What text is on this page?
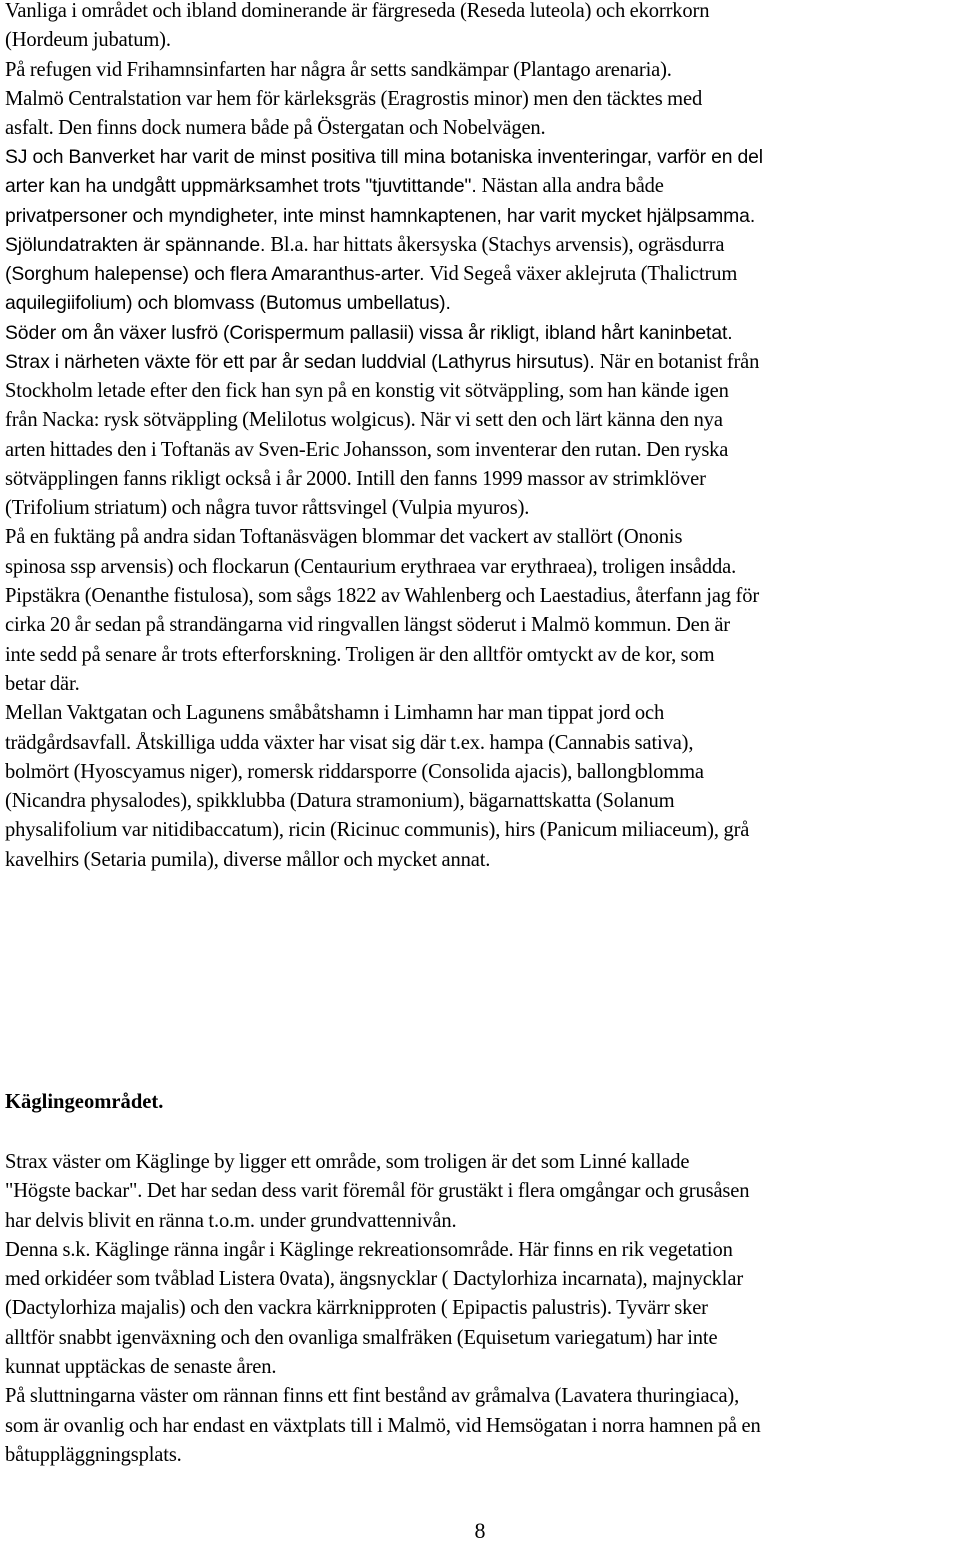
Vanliga i området och ibland dominerande är färgreseda (Reseda luteola) och ekorrkorn
(Hordeum jubatum).
På refugen vid Frihamnsinfarten har några år setts sandkämpar (Plantago arenaria).
Malmö Centralstation var hem för kärleksgräs (Eragrostis minor) men den täcktes med
asfalt. Den finns dock numera både på Östergatan och Nobelvägen.
SJ och Banverket har varit de minst positiva till mina botaniska inventeringar, varför en del
arter kan ha undgått uppmärksamhet trots "tjuvtittande". Nästan alla andra både
privatpersoner och myndigheter, inte minst hamnkaptenen, har varit mycket hjälpsamma.
Sjölundatrakten är spännande. Bl.a. har hittats åkersyska (Stachys arvensis), ogräsdurra
(Sorghum halepense) och flera Amaranthus-arter. Vid Segeå växer aklejruta (Thalictrum
aquilegiifolium) och blomvass (Butomus umbellatus).
Söder om ån växer lusfrö (Corispermum pallasii) vissa år rikligt, ibland hårt kaninbetat.
Strax i närheten växte för ett par år sedan luddvial (Lathyrus hirsutus). När en botanist från
Stockholm letade efter den fick han syn på en konstig vit sötväppling, som han kände igen
från Nacka: rysk sötväppling (Melilotus wolgicus). När vi sett den och lärt känna den nya
arten hittades den i Toftanäs av Sven-Eric Johansson, som inventerar den rutan. Den ryska
sötväpplingen fanns rikligt också i år 2000. Intill den fanns 1999 massor av strimklöver
(Trifolium striatum) och några tuvor råttsvingel (Vulpia myuros).
På en fuktäng på andra sidan Toftanäsvägen blommar det vackert av stallört (Ononis
spinosa ssp arvensis) och flockarun (Centaurium erythraea var erythraea), troligen insådda.
Pipstäkra (Oenanthe fistulosa), som sågs 1822 av Wahlenberg och Laestadius, återfann jag för
cirka 20 år sedan på strandängarna vid ringvallen längst söderut i Malmö kommun. Den är
inte sedd på senare år trots efterforskning. Troligen är den alltför omtyckt av de kor, som
betar där.
Mellan Vaktgatan och Lagunens småbåtshamn i Limhamn har man tippat jord och
trädgårdsavfall. Åtskilliga udda växter har visat sig där t.ex. hampa (Cannabis sativa),
bolmört (Hyoscyamus niger), romersk riddarsporre (Consolida ajacis), ballongblomma
(Nicandra physalodes), spikklubba (Datura stramonium), bägarnattskatta (Solanum
physalifolium var nitidibaccatum), ricin (Ricinuc communis), hirs (Panicum miliaceum), grå
kavelhirs (Setaria pumila), diverse mållor och mycket annat.
Käglingeområdet.
Strax väster om Käglinge by ligger ett område, som troligen är det som Linné kallade
"Högste backar". Det har sedan dess varit föremål för grustäkt i flera omgångar och grusåsen
har delvis blivit en ränna t.o.m. under grundvattennivån.
Denna s.k. Käglinge ränna ingår i Käglinge rekreationsområde. Här finns en rik vegetation
med orkidéer som tvåblad Listera 0vata), ängsnycklar ( Dactylorhiza incarnata), majnycklar
(Dactylorhiza majalis) och den vackra kärrknipproten ( Epipactis palustris). Tyvärr sker
alltför snabbt igenväxning och den ovanliga smalfräken (Equisetum variegatum) har inte
kunnat upptäckas de senaste åren.
På sluttningarna väster om rännan finns ett fint bestånd av gråmalva (Lavatera thuringiaca),
som är ovanlig och har endast en växtplats till i Malmö, vid Hemsögatan i norra hamnen på en
båtuppläggningsplats.
8
